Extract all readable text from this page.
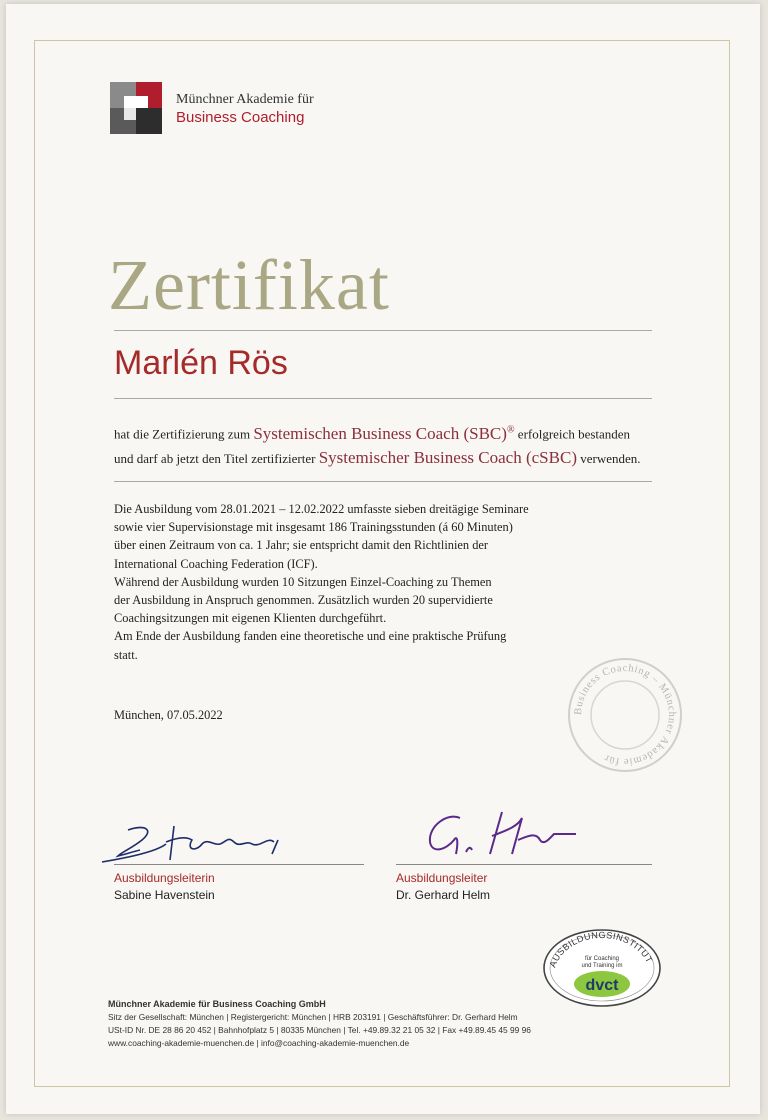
Münchner Akademie für
Business Coaching
Zertifikat
Marlén Rös
hat die Zertifizierung zum Systemischen Business Coach (SBC)® erfolgreich bestanden
und darf ab jetzt den Titel zertifizierter Systemischer Business Coach (cSBC) verwenden.

Die Ausbildung vom 28.01.2021 – 12.02.2022 umfasste sieben dreitägige Seminare

sowie vier Supervisionstage mit insgesamt 186 Trainingsstunden (á 60 Minuten)

über einen Zeitraum von ca. 1 Jahr; sie entspricht damit den Richtlinien der

International Coaching Federation (ICF).

Während der Ausbildung wurden 10 Sitzungen Einzel-Coaching zu Themen

der Ausbildung in Anspruch genommen. Zusätzlich wurden 20 supervidierte

Coachingsitzungen mit eigenen Klienten durchgeführt.

Am Ende der Ausbildung fanden eine theoretische und eine praktische Prüfung

statt.

München, 07.05.2022	Business Coaching – Münchner Akademie für
Ausbildungsleiterin
Sabine Havenstein
Ausbildungsleiter
Dr. Gerhard Helm
AUSBILDUNGSINSTITUT
für Coaching
und Training im
dvct
Münchner Akademie für Business Coaching GmbH
Sitz der Gesellschaft: München | Registergericht: München | HRB 203191 | Geschäftsführer: Dr. Gerhard Helm
USt-ID Nr. DE 28 86 20 452 | Bahnhofplatz 5 | 80335 München | Tel. +49.89.32 21 05 32 | Fax +49.89.45 45 99 96
www.coaching-akademie-muenchen.de | info@coaching-akademie-muenchen.de
